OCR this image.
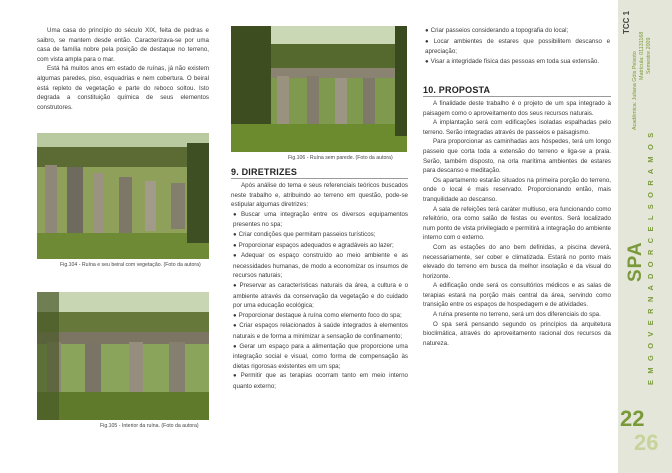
Uma casa do princípio do século XIX, feita de pedras e saibro, se mantem desde então. Caracterizava-se por uma casa de família nobre pela posição de destaque no terreno, com vista ampla para o mar.

Está há muitos anos em estado de ruínas, já não existem algumas paredes, piso, esquadrias e nem cobertura. O beiral está repleto de vegetação e parte do reboco soltou. Isto degrada a constituição química de seus elementos construtores.

Fig.104 - Ruína e seu beiral com vegetação. (Foto da autora)
Fig.105 - Interior da ruína. (Foto da autora)
Fig.106 - Ruína sem parede. (Foto da autora)
9. DIRETRIZES

Após análise do tema e seus referenciais teóricos buscados neste trabalho e, atribuindo ao terreno em questão, pode-se estipular algumas diretrizes:

● Buscar uma integração entre os diversos equipamentos presentes no spa;

● Criar condições que permitam passeios turísticos;

● Proporcionar espaços adequados e agradáveis ao lazer;

● Adequar os espaço construído ao meio ambiente e as necessidades humanas, de modo a economizar os insumos de recursos naturais;

● Preservar as características naturais da área, a cultura e o ambiente através da conservação da vegetação e do cuidado por uma educação ecológica;

● Proporcionar destaque à ruína como elemento foco do spa;

● Criar espaços relacionados à saúde integrados à elementos naturais e de forma a minimizar a sensação de confinamento;

● Gerar um espaço para a alimentação que proporcione uma integração social e visual, como forma de compensação às dietas rigorosas existentes em um spa;

● Permitir que as terapias ocorram tanto em meio interno quanto externo;

● Criar passeios considerando a topografia do local;

● Locar ambientes de estares que possibilitem descanso e apreciação;

● Visar a integridade física das pessoas em toda sua extensão.

10. PROPOSTA

A finalidade deste trabalho é o projeto de um spa integrado à paisagem como o aproveitamento dos seus recursos naturais.

A implantação será com edificações isoladas espalhadas pelo terreno. Serão integradas através de passeios e paisagismo.

Para proporcionar as caminhadas aos hóspedes, terá um longo passeio que corta toda a extensão do terreno e liga-se a praia. Serão, também disposto, na orla marítima ambientes de estares para descanso e meditação.

Os apartamento estarão situados na primeira porção do terreno, onde o local é mais reservado. Proporcionando então, mais tranquilidade ao descanso.

A sala de refeições terá caráter multiuso, era funcionando como refeitório, ora como salão de festas ou eventos. Será localizado num ponto de vista privilegiado e permitirá a integração do ambiente interno com o externo.

Com as estações do ano bem definidas, a piscina deverá, necessariamente, ser cober e climatizada. Estará no ponto mais elevado do terreno em busca da melhor insolação e da visual do horizonte.

A edificação onde será os consultórios médicos e as salas de terapias estará na porção mais central da área, servindo como transição entre os espaços de hospedagem e de atividades.

A ruína presente no terreno, será um dos diferenciais do spa.

O spa será pensando segundo os princípios da arquitetura bioclimática, através do aproveitamento racional dos recursos da natureza.

TCC 1
Acadêmica: Juliana Góis Peixoto Matrícula: 01131168 Semestre 2009
SPA E M G O V E R N A D O R C E L S O R A M O S
22
26
